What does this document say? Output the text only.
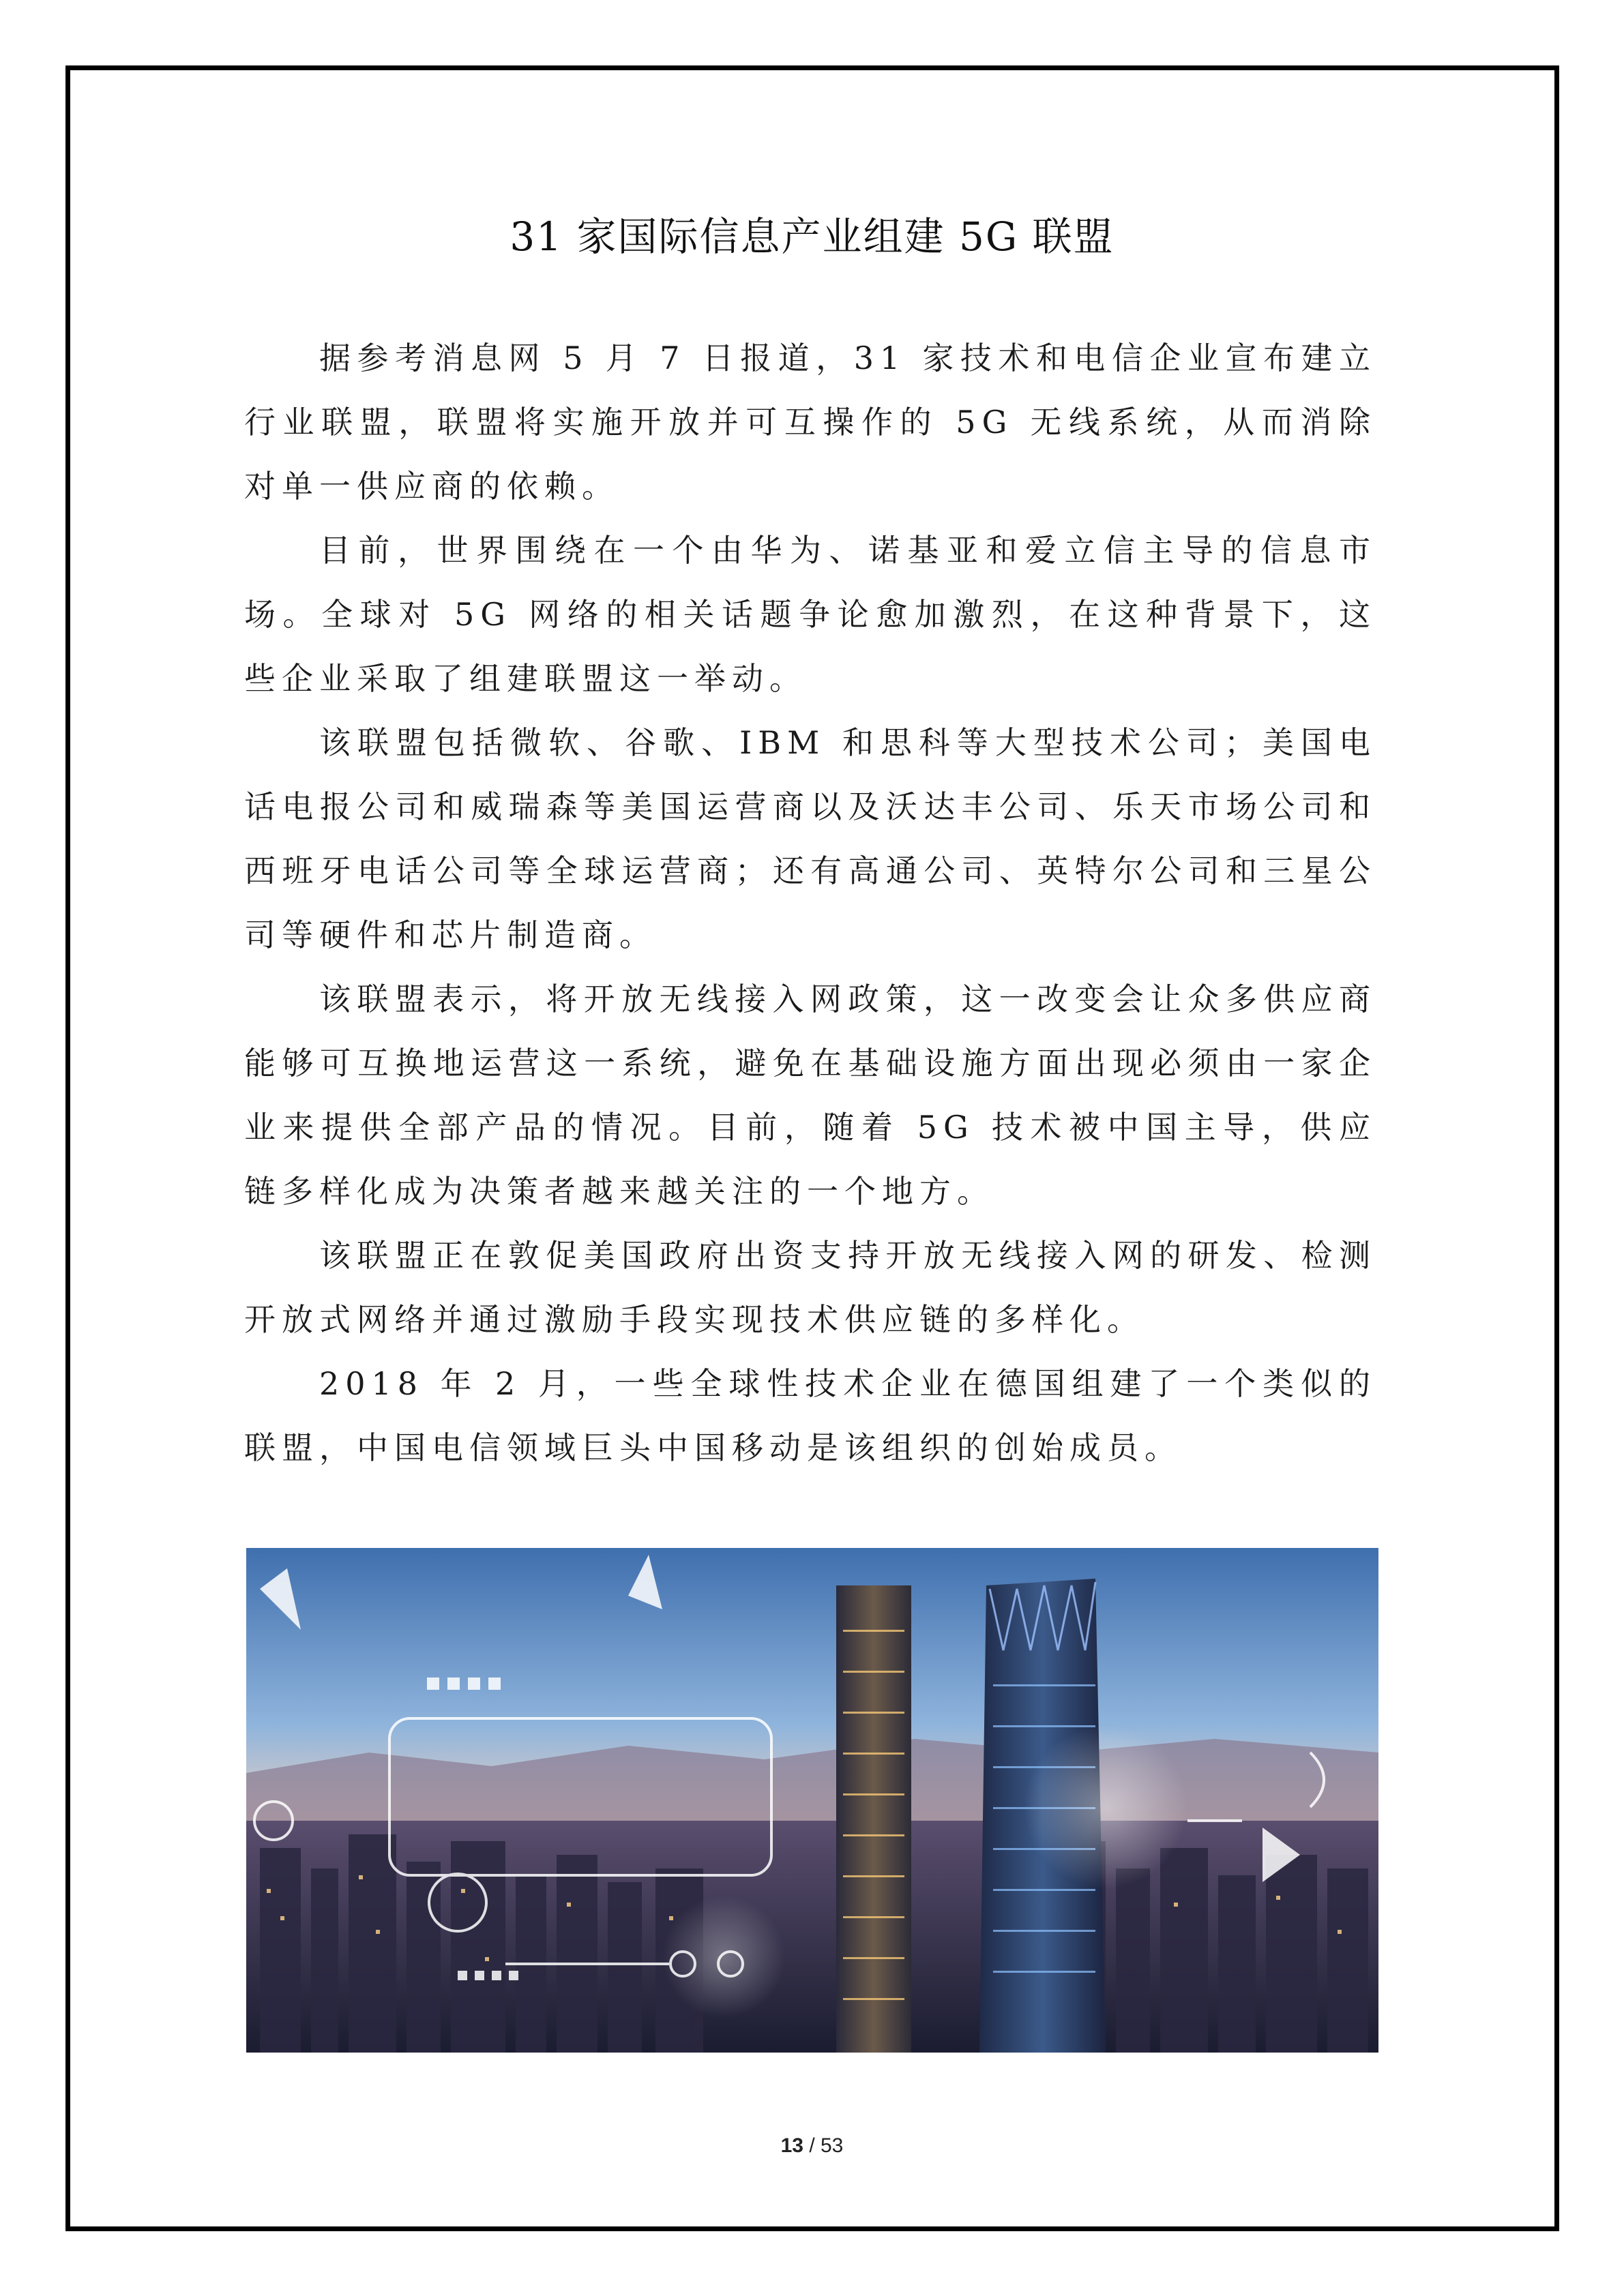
31 家国际信息产业组建 5G 联盟

据参考消息网 5 月 7 日报道，31 家技术和电信企业宣布建立行业联盟，联盟将实施开放并可互操作的 5G 无线系统，从而消除对单一供应商的依赖。

目前，世界围绕在一个由华为、诺基亚和爱立信主导的信息市场。全球对 5G 网络的相关话题争论愈加激烈，在这种背景下，这些企业采取了组建联盟这一举动。

该联盟包括微软、谷歌、IBM 和思科等大型技术公司；美国电话电报公司和威瑞森等美国运营商以及沃达丰公司、乐天市场公司和西班牙电话公司等全球运营商；还有高通公司、英特尔公司和三星公司等硬件和芯片制造商。

该联盟表示，将开放无线接入网政策，这一改变会让众多供应商能够可互换地运营这一系统，避免在基础设施方面出现必须由一家企业来提供全部产品的情况。目前，随着 5G 技术被中国主导，供应链多样化成为决策者越来越关注的一个地方。

该联盟正在敦促美国政府出资支持开放无线接入网的研发、检测开放式网络并通过激励手段实现技术供应链的多样化。

2018 年 2 月，一些全球性技术企业在德国组建了一个类似的联盟，中国电信领域巨头中国移动是该组织的创始成员。

13 / 53
